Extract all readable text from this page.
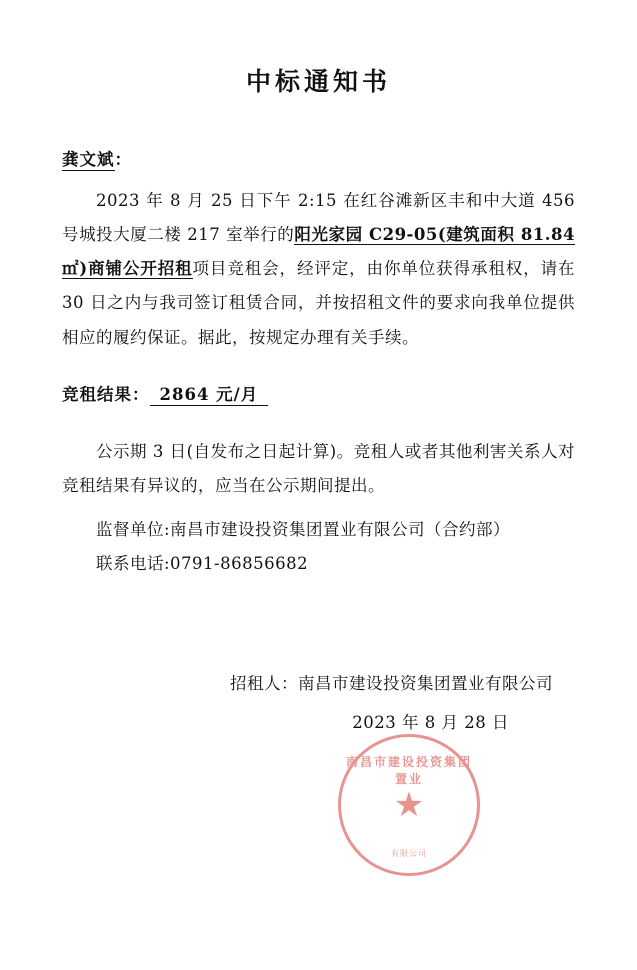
中标通知书
龚文斌：
2023 年 8 月 25 日下午 2:15 在红谷滩新区丰和中大道 456 号城投大厦二楼 217 室举行的阳光家园 C29-05(建筑面积 81.84 ㎡)商铺公开招租项目竞租会，经评定，由你单位获得承租权，请在 30 日之内与我司签订租赁合同，并按招租文件的要求向我单位提供相应的履约保证。据此，按规定办理有关手续。
竞租结果： 2864 元/月
公示期 3 日(自发布之日起计算)。竞租人或者其他利害关系人对竞租结果有异议的，应当在公示期间提出。
监督单位:南昌市建设投资集团置业有限公司（合约部）
联系电话:0791-86856682
招租人：南昌市建设投资集团置业有限公司
2023 年 8 月 28 日
南昌市建设投资集团置业
★
有限公司
